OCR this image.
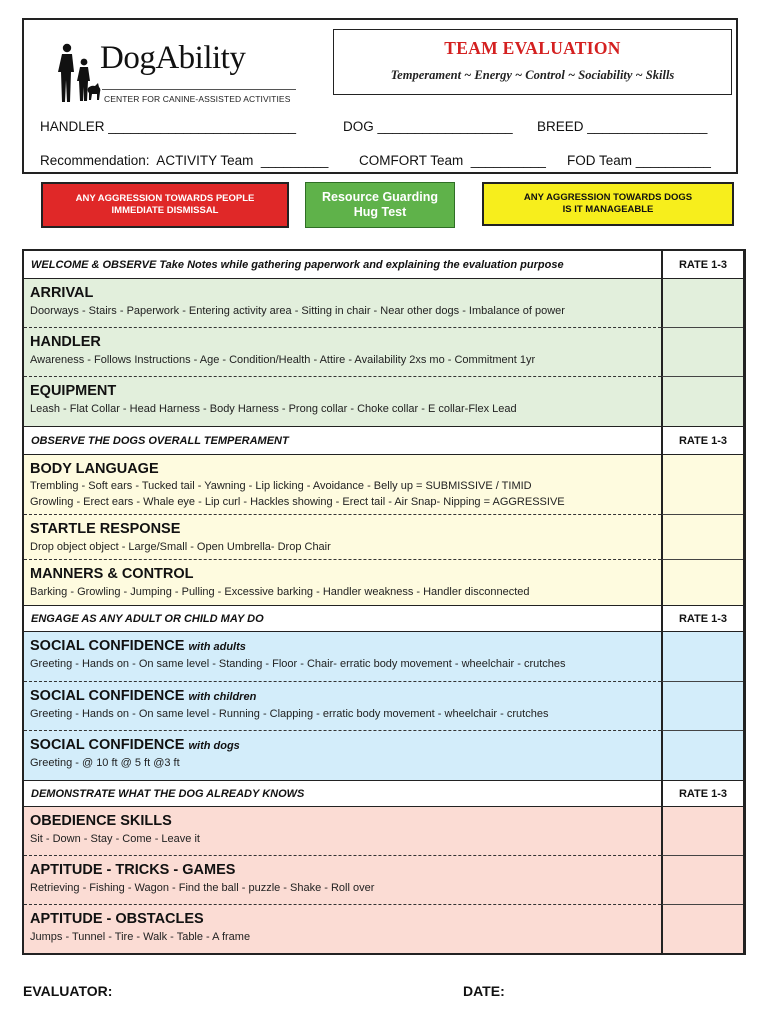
DogAbility
CENTER FOR CANINE-ASSISTED ACTIVITIES
TEAM EVALUATION
Temperament ~ Energy ~ Control ~ Sociability ~ Skills

HANDLER _________________________

	DOG __________________

BREED ________________

Recommendation:  ACTIVITY Team  _________

COMFORT Team  __________

FOD Team __________

ANY AGGRESSION TOWARDS PEOPLE
IMMEDIATE DISMISSAL
Resource Guarding
Hug Test
ANY AGGRESSION TOWARDS DOGS
IS IT MANAGEABLE
WELCOME & OBSERVE Take Notes while gathering paperwork and explaining the evaluation purpose	RATE 1-3
ARRIVAL
Doorways - Stairs - Paperwork - Entering activity area - Sitting in chair - Near other dogs - Imbalance of power
HANDLER
Awareness - Follows Instructions - Age - Condition/Health - Attire - Availability 2xs mo - Commitment 1yr
EQUIPMENT
Leash - Flat Collar - Head Harness - Body Harness - Prong collar - Choke collar - E collar-Flex Lead
OBSERVE THE DOGS OVERALL TEMPERAMENT	RATE 1-3
BODY LANGUAGE
Trembling - Soft ears - Tucked tail - Yawning - Lip licking - Avoidance - Belly up = SUBMISSIVE / TIMID
Growling - Erect ears - Whale eye - Lip curl - Hackles showing - Erect tail - Air Snap- Nipping = AGGRESSIVE
STARTLE RESPONSE
Drop object object - Large/Small - Open Umbrella- Drop Chair
MANNERS & CONTROL
Barking - Growling - Jumping - Pulling - Excessive barking - Handler weakness - Handler disconnected
ENGAGE AS ANY ADULT OR CHILD MAY DO	RATE 1-3
SOCIAL CONFIDENCE with adults
Greeting - Hands on - On same level - Standing - Floor - Chair- erratic body movement - wheelchair - crutches
SOCIAL CONFIDENCE with children
Greeting - Hands on - On same level - Running - Clapping - erratic body movement - wheelchair - crutches
SOCIAL CONFIDENCE with dogs
Greeting - @ 10 ft @ 5 ft @3 ft
DEMONSTRATE WHAT THE DOG ALREADY KNOWS	RATE 1-3
OBEDIENCE SKILLS
Sit - Down - Stay - Come - Leave it
APTITUDE - TRICKS - GAMES
Retrieving - Fishing - Wagon - Find the ball - puzzle - Shake - Roll over
APTITUDE - OBSTACLES
Jumps - Tunnel - Tire - Walk - Table - A frame
EVALUATOR:	DATE:
